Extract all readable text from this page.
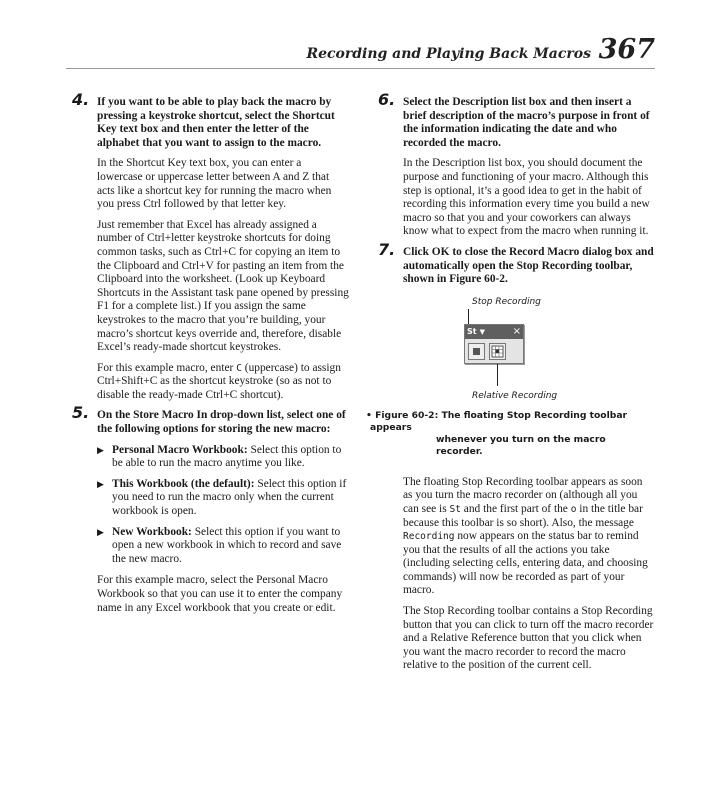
Recording and Playing Back Macros 367
4. If you want to be able to play back the macro by pressing a keystroke shortcut, select the Shortcut Key text box and then enter the letter of the alphabet that you want to assign to the macro.

In the Shortcut Key text box, you can enter a lowercase or uppercase letter between A and Z that acts like a shortcut key for running the macro when you press Ctrl followed by that letter key.

Just remember that Excel has already assigned a number of Ctrl+letter keystroke shortcuts for doing common tasks, such as Ctrl+C for copying an item to the Clipboard and Ctrl+V for pasting an item from the Clipboard into the worksheet. (Look up Keyboard Shortcuts in the Assistant task pane opened by pressing F1 for a complete list.) If you assign the same keystrokes to the macro that you’re building, your macro’s shortcut keys override and, therefore, disable Excel’s ready-made shortcut keystrokes.

For this example macro, enter C (uppercase) to assign Ctrl+Shift+C as the shortcut keystroke (so as not to disable the ready-made Ctrl+C shortcut).

5. On the Store Macro In drop-down list, select one of the following options for storing the new macro:

▶ Personal Macro Workbook: Select this option to be able to run the macro anytime you like.
▶ This Workbook (the default): Select this option if you need to run the macro only when the current workbook is open.
▶ New Workbook: Select this option if you want to open a new workbook in which to record and save the new macro.

For this example macro, select the Personal Macro Workbook so that you can use it to enter the company name in any Excel workbook that you create or edit.

6. Select the Description list box and then insert a brief description of the macro’s purpose in front of the information indicating the date and who recorded the macro.

In the Description list box, you should document the purpose and functioning of your macro. Although this step is optional, it’s a good idea to get in the habit of recording this information every time you build a new macro so that you and your coworkers can always know what to expect from the macro when running it.

7. Click OK to close the Record Macro dialog box and automatically open the Stop Recording toolbar, shown in Figure 60-2.

Stop Recording
St ▼	×
Relative Recording

• Figure 60-2: The floating Stop Recording toolbar appears
whenever you turn on the macro recorder.

The floating Stop Recording toolbar appears as soon as you turn the macro recorder on (although all you can see is St and the first part of the o in the title bar because this toolbar is so short). Also, the message Recording now appears on the status bar to remind you that the results of all the actions you take (including selecting cells, entering data, and choosing commands) will now be recorded as part of your macro.

The Stop Recording toolbar contains a Stop Recording button that you can click to turn off the macro recorder and a Relative Reference button that you click when you want the macro recorder to record the macro relative to the position of the current cell.
